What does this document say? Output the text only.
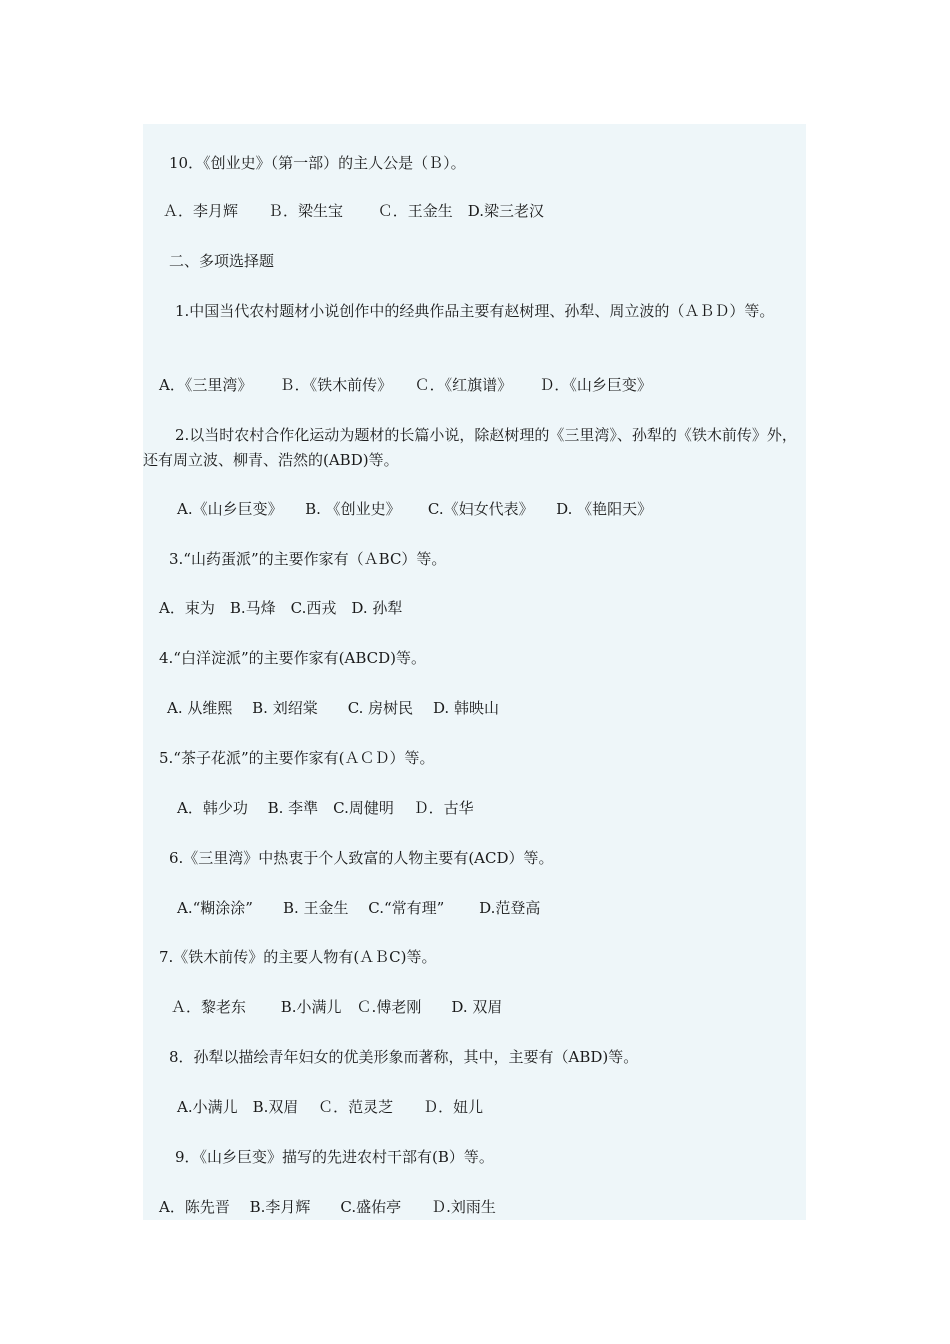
10．《创业史》（第一部）的主人公是（Ｂ）。

Ａ．李月辉　　Ｂ．梁生宝　　 Ｃ．王金生　D.梁三老汉

二、多项选择题

1.中国当代农村题材小说创作中的经典作品主要有赵树理、孙犁、周立波的（ＡＢＤ）等。

A．《三里湾》　　 Ｂ．《铁木前传》　　Ｃ．《红旗谱》　　 Ｄ．《山乡巨变》

2.以当时农村合作化运动为题材的长篇小说，除赵树理的《三里湾》、孙犁的《铁木前传》外，还有周立波、柳青、浩然的(ABD)等。

A.《山乡巨变》　　B. 《创业史》　　 C.《妇女代表》　　D. 《艳阳天》

3.“山药蛋派”的主要作家有（ＡBC）等。

A．束为　B.马烽　C.西戎　D. 孙犁

4.“白洋淀派”的主要作家有(ABCD)等。

A. 从维熙　 B. 刘绍棠　　C. 房树民　 D. 韩映山

5.“茶子花派”的主要作家有(ＡＣＤ）等。

A．韩少功　 B. 李準　C.周健明　 Ｄ．古华

6.《三里湾》中热衷于个人致富的人物主要有(ACD）等。

A.“糊涂涂”　　B. 王金生　 C.“常有理”　　 D.范登高

7.《铁木前传》的主要人物有(ＡＢC)等。

Ａ．黎老东　　 B.小满儿　Ｃ.傅老刚　　D. 双眉

8．孙犁以描绘青年妇女的优美形象而著称，其中，主要有（ABD)等。

A.小满儿　B.双眉　 Ｃ．范灵芝　　Ｄ．妞儿

9．《山乡巨变》描写的先进农村干部有(B）等。

A．陈先晋　 B.李月辉　　C.盛佑亭　　Ｄ.刘雨生
